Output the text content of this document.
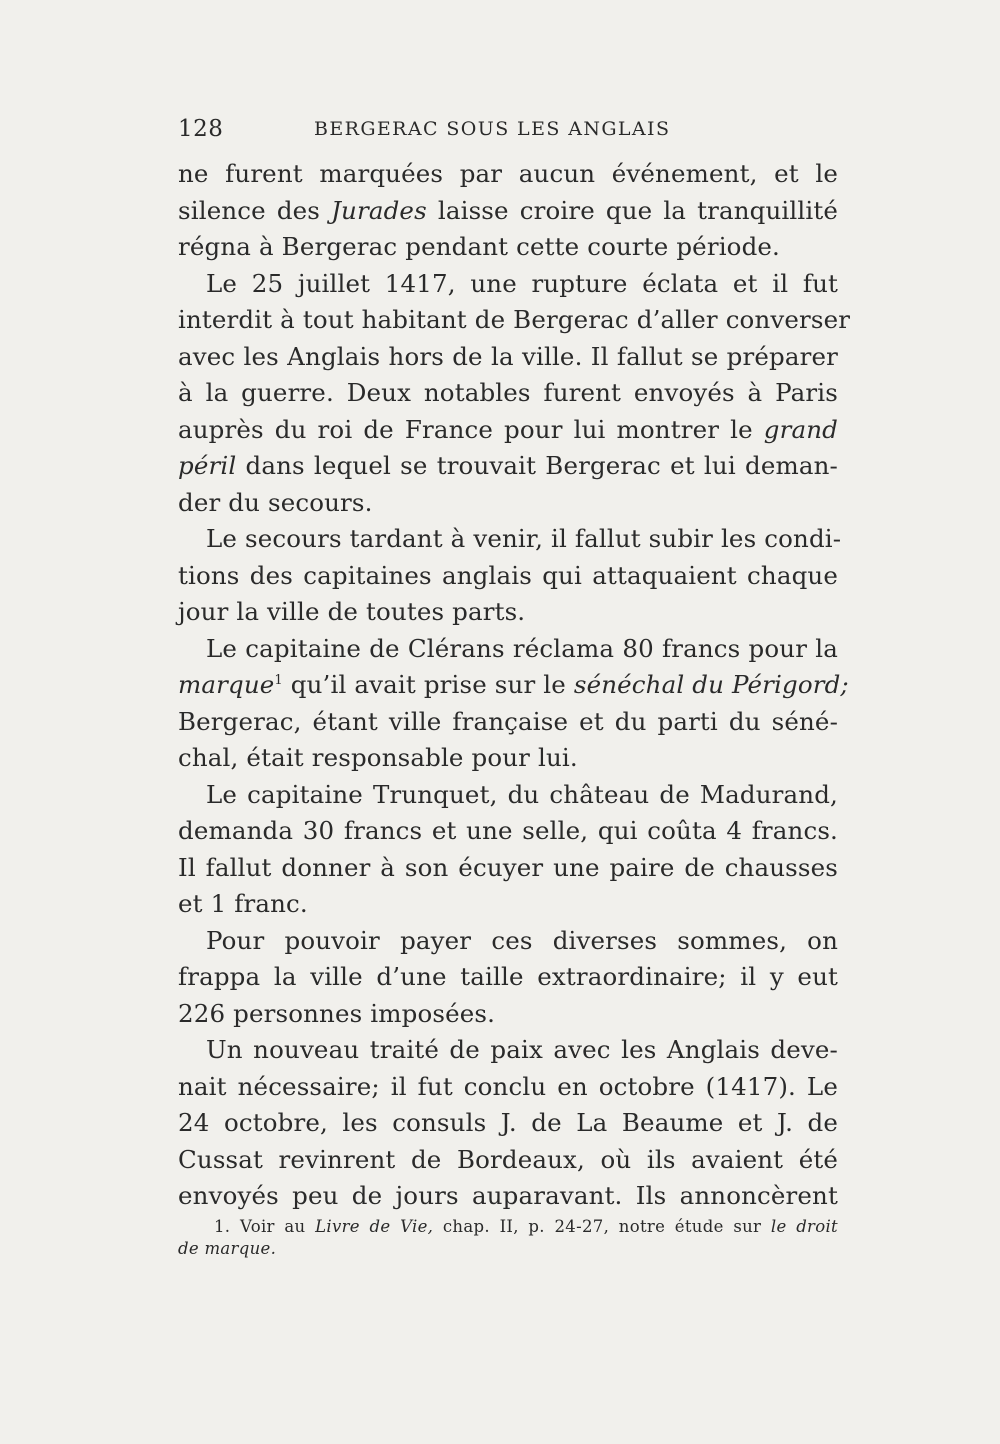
128	BERGERAC SOUS LES ANGLAIS
ne furent marquées par aucun événement, et le
silence des Jurades laisse croire que la tranquillité
régna à Bergerac pendant cette courte période.
Le 25 juillet 1417, une rupture éclata et il fut
interdit à tout habitant de Bergerac d’aller converser
avec les Anglais hors de la ville. Il fallut se préparer
à la guerre. Deux notables furent envoyés à Paris
auprès du roi de France pour lui montrer le grand
péril dans lequel se trouvait Bergerac et lui deman-
der du secours.
Le secours tardant à venir, il fallut subir les condi-
tions des capitaines anglais qui attaquaient chaque
jour la ville de toutes parts.
Le capitaine de Clérans réclama 80 francs pour la
marque$^1$ qu’il avait prise sur le sénéchal du Périgord;
Bergerac, étant ville française et du parti du séné-
chal, était responsable pour lui.
Le capitaine Trunquet, du château de Madurand,
demanda 30 francs et une selle, qui coûta 4 francs.
Il fallut donner à son écuyer une paire de chausses
et 1 franc.
Pour pouvoir payer ces diverses sommes, on
frappa la ville d’une taille extraordinaire; il y eut
226 personnes imposées.
Un nouveau traité de paix avec les Anglais deve-
nait nécessaire; il fut conclu en octobre (1417). Le
24 octobre, les consuls J. de La Beaume et J. de
Cussat revinrent de Bordeaux, où ils avaient été
envoyés peu de jours auparavant. Ils annoncèrent
1. Voir au Livre de Vie, chap. II, p. 24-27, notre étude sur le droit
de marque.
